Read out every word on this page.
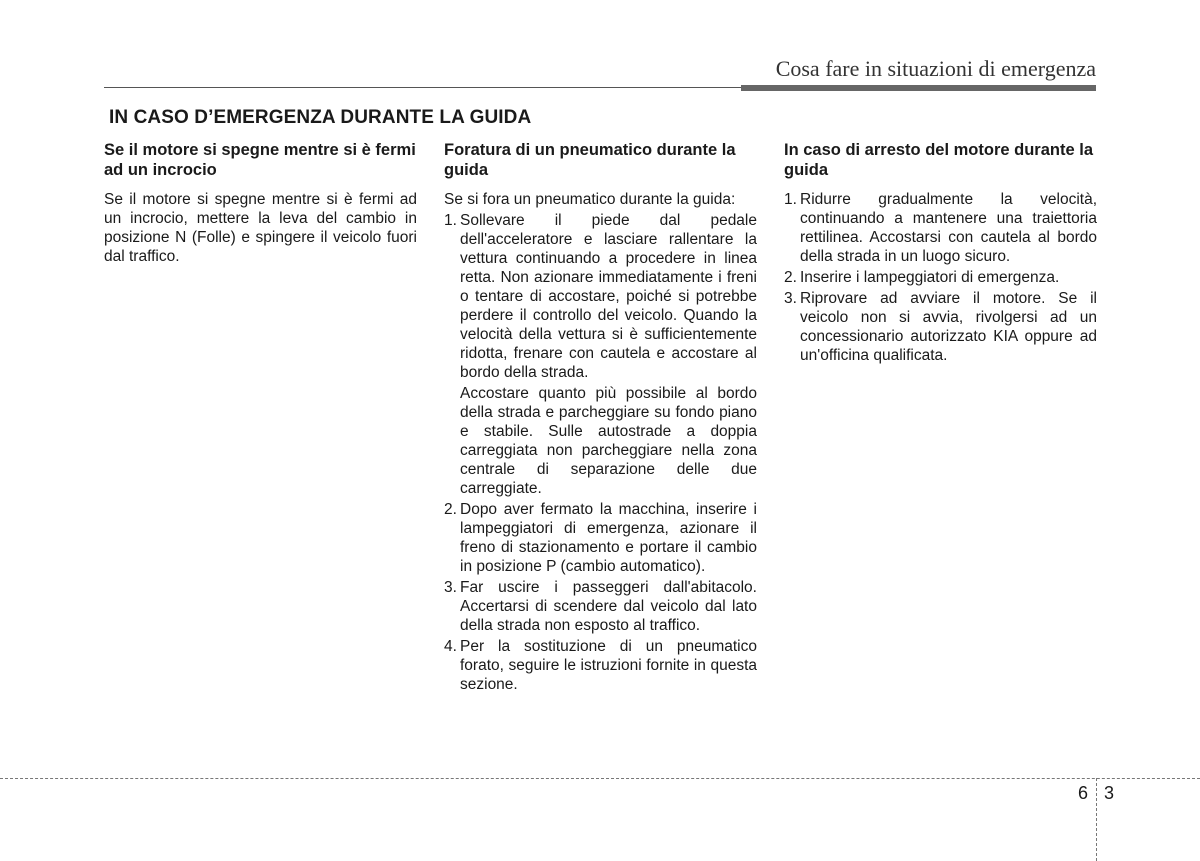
Cosa fare in situazioni di emergenza
IN CASO D’EMERGENZA DURANTE LA GUIDA
Se il motore si spegne mentre si è fermi ad un incrocio

Se il motore si spegne mentre si è fermi ad un incrocio, mettere la leva del cambio in posizione N (Folle) e spingere il veicolo fuori dal traffico.

Foratura di un pneumatico durante la guida

Se si fora un pneumatico durante la guida:

1. Sollevare il piede dal pedale dell'acceleratore e lasciare rallentare la vettura continuando a procedere in linea retta. Non azionare immediatamente i freni o tentare di accostare, poiché si potrebbe perdere il controllo del veicolo. Quando la velocità della vettura si è sufficientemente ridotta, frenare con cautela e accostare al bordo della strada.

Accostare quanto più possibile al bordo della strada e parcheggiare su fondo piano e stabile. Sulle autostrade a doppia carreggiata non parcheggiare nella zona centrale di separazione delle due carreggiate.

2. Dopo aver fermato la macchina, inserire i lampeggiatori di emergenza, azionare il freno di stazionamento e portare il cambio in posizione P (cambio automatico).

3. Far uscire i passeggeri dall'abitacolo. Accertarsi di scendere dal veicolo dal lato della strada non esposto al traffico.

4. Per la sostituzione di un pneumatico forato, seguire le istruzioni fornite in questa sezione.

In caso di arresto del motore durante la guida
1. Ridurre gradualmente la velocità, continuando a mantenere una traiettoria rettilinea. Accostarsi con cautela al bordo della strada in un luogo sicuro.

2. Inserire i lampeggiatori di emergenza.

3. Riprovare ad avviare il motore. Se il veicolo non si avvia, rivolgersi ad un concessionario autorizzato KIA oppure ad un'officina qualificata.

6 3
